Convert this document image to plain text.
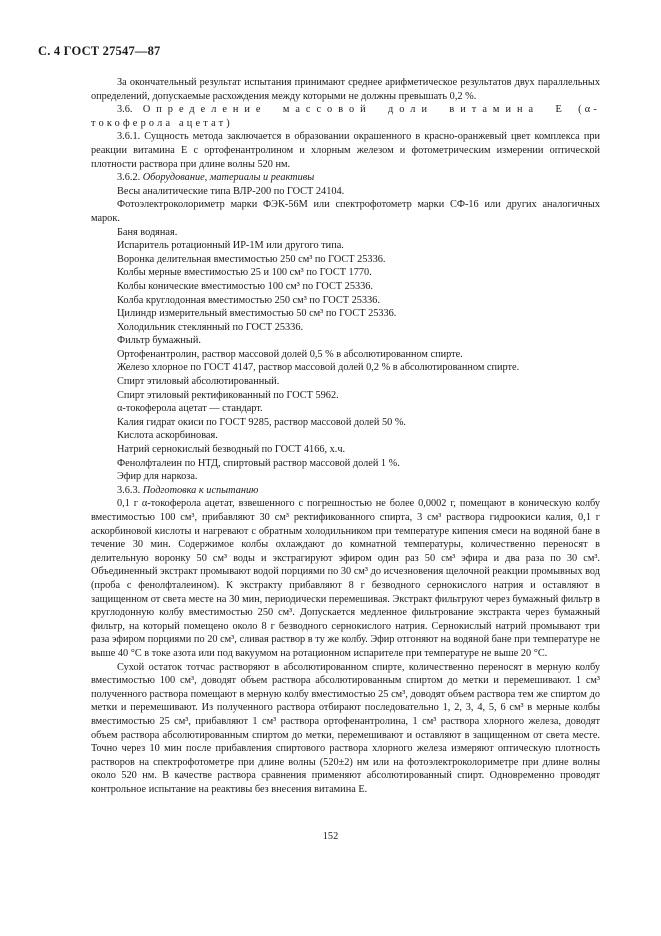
С. 4 ГОСТ 27547—87

За окончательный результат испытания принимают среднее арифметическое результатов двух параллельных определений, допускаемые расхождения между которыми не должны превышать 0,2 %.

3.6. Определение массовой доли витамина Е (α-токоферола ацетат)

3.6.1. Сущность метода заключается в образовании окрашенного в красно-оранжевый цвет комплекса при реакции витамина Е с ортофенантролином и хлорным железом и фотометрическим измерении оптической плотности раствора при длине волны 520 нм.

3.6.2. Оборудование, материалы и реактивы

Весы аналитические типа ВЛР-200 по ГОСТ 24104.

Фотоэлектроколориметр марки ФЭК-56М или спектрофотометр марки СФ-16 или других аналогичных марок.

Баня водяная.

Испаритель ротационный ИР-1М или другого типа.

Воронка делительная вместимостью 250 см³ по ГОСТ 25336.

Колбы мерные вместимостью 25 и 100 см³ по ГОСТ 1770.

Колбы конические вместимостью 100 см³ по ГОСТ 25336.

Колба круглодонная вместимостью 250 см³ по ГОСТ 25336.

Цилиндр измерительный вместимостью 50 см³ по ГОСТ 25336.

Холодильник стеклянный по ГОСТ 25336.

Фильтр бумажный.

Ортофенантролин, раствор массовой долей 0,5 % в абсолютированном спирте.

Железо хлорное по ГОСТ 4147, раствор массовой долей 0,2 % в абсолютированном спирте.

Спирт этиловый абсолютированный.

Спирт этиловый ректификованный по ГОСТ 5962.

α-токоферола ацетат — стандарт.

Калия гидрат окиси по ГОСТ 9285, раствор массовой долей 50 %.

Кислота аскорбиновая.

Натрий сернокислый безводный по ГОСТ 4166, х.ч.

Фенолфталеин по НТД, спиртовый раствор массовой долей 1 %.

Эфир для наркоза.

3.6.3. Подготовка к испытанию

0,1 г α-токоферола ацетат, взвешенного с погрешностью не более 0,0002 г, помещают в коническую колбу вместимостью 100 см³, прибавляют 30 см³ ректификованного спирта, 3 см³ раствора гидроокиси калия, 0,1 г аскорбиновой кислоты и нагревают с обратным холодильником при температуре кипения смеси на водяной бане в течение 30 мин. Содержимое колбы охлаждают до комнатной температуры, количественно переносят в делительную воронку 50 см³ воды и экстрагируют эфиром один раз 50 см³ эфира и два раза по 30 см³. Объединенный экстракт промывают водой порциями по 30 см³ до исчезновения щелочной реакции промывных вод (проба с фенолфталеином). К экстракту прибавляют 8 г безводного сернокислого натрия и оставляют в защищенном от света месте на 30 мин, периодически перемешивая. Экстракт фильтруют через бумажный фильтр в круглодонную колбу вместимостью 250 см³. Допускается медленное фильтрование экстракта через бумажный фильтр, на который помещено около 8 г безводного сернокислого натрия. Сернокислый натрий промывают три раза эфиром порциями по 20 см³, сливая раствор в ту же колбу. Эфир отгоняют на водяной бане при температуре не выше 40 °С в токе азота или под вакуумом на ротационном испарителе при температуре не выше 20 °С.

Сухой остаток тотчас растворяют в абсолютированном спирте, количественно переносят в мерную колбу вместимостью 100 см³, доводят объем раствора абсолютированным спиртом до метки и перемешивают. 1 см³ полученного раствора помещают в мерную колбу вместимостью 25 см³, доводят объем раствора тем же спиртом до метки и перемешивают. Из полученного раствора отбирают последовательно 1, 2, 3, 4, 5, 6 см³ в мерные колбы вместимостью 25 см³, прибавляют 1 см³ раствора ортофенантролина, 1 см³ раствора хлорного железа, доводят объем раствора абсолютированным спиртом до метки, перемешивают и оставляют в защищенном от света месте. Точно через 10 мин после прибавления спиртового раствора хлорного железа измеряют оптическую плотность растворов на спектрофотометре при длине волны (520±2) нм или на фотоэлектроколориметре при длине волны около 520 нм. В качестве раствора сравнения применяют абсолютированный спирт. Одновременно проводят контрольное испытание на реактивы без внесения витамина Е.

152
